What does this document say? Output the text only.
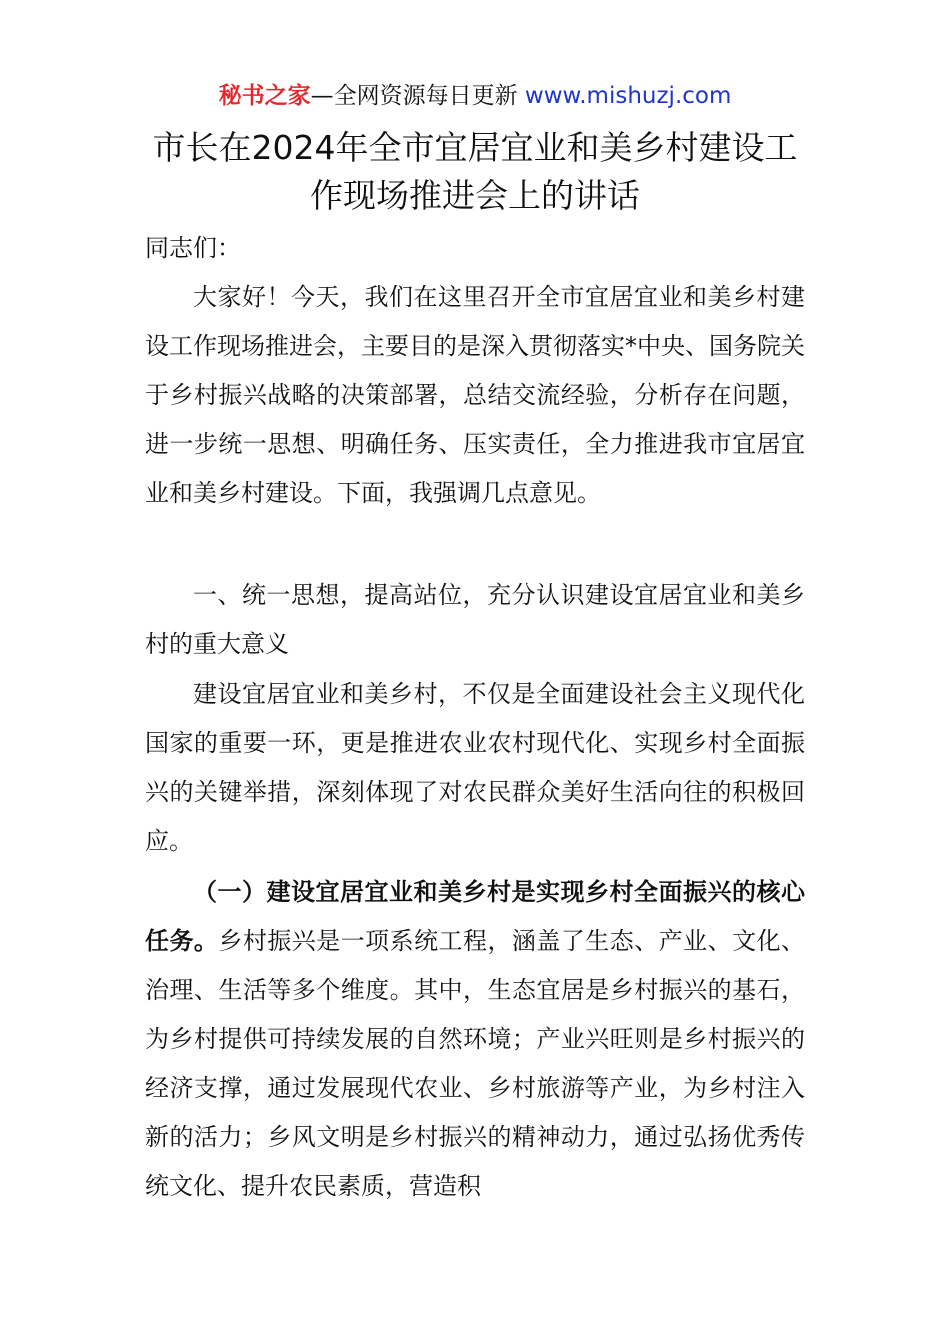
秘书之家—全网资源每日更新 www.mishuzj.com
市长在2024年全市宜居宜业和美乡村建设工作现场推进会上的讲话

同志们：

大家好！今天，我们在这里召开全市宜居宜业和美乡村建设工作现场推进会，主要目的是深入贯彻落实*中央、国务院关于乡村振兴战略的决策部署，总结交流经验，分析存在问题，进一步统一思想、明确任务、压实责任，全力推进我市宜居宜业和美乡村建设。下面，我强调几点意见。

一、统一思想，提高站位，充分认识建设宜居宜业和美乡村的重大意义

建设宜居宜业和美乡村，不仅是全面建设社会主义现代化国家的重要一环，更是推进农业农村现代化、实现乡村全面振兴的关键举措，深刻体现了对农民群众美好生活向往的积极回应。

（一）建设宜居宜业和美乡村是实现乡村全面振兴的核心任务。乡村振兴是一项系统工程，涵盖了生态、产业、文化、治理、生活等多个维度。其中，生态宜居是乡村振兴的基石，为乡村提供可持续发展的自然环境；产业兴旺则是乡村振兴的经济支撑，通过发展现代农业、乡村旅游等产业，为乡村注入新的活力；乡风文明是乡村振兴的精神动力，通过弘扬优秀传统文化、提升农民素质，营造积
